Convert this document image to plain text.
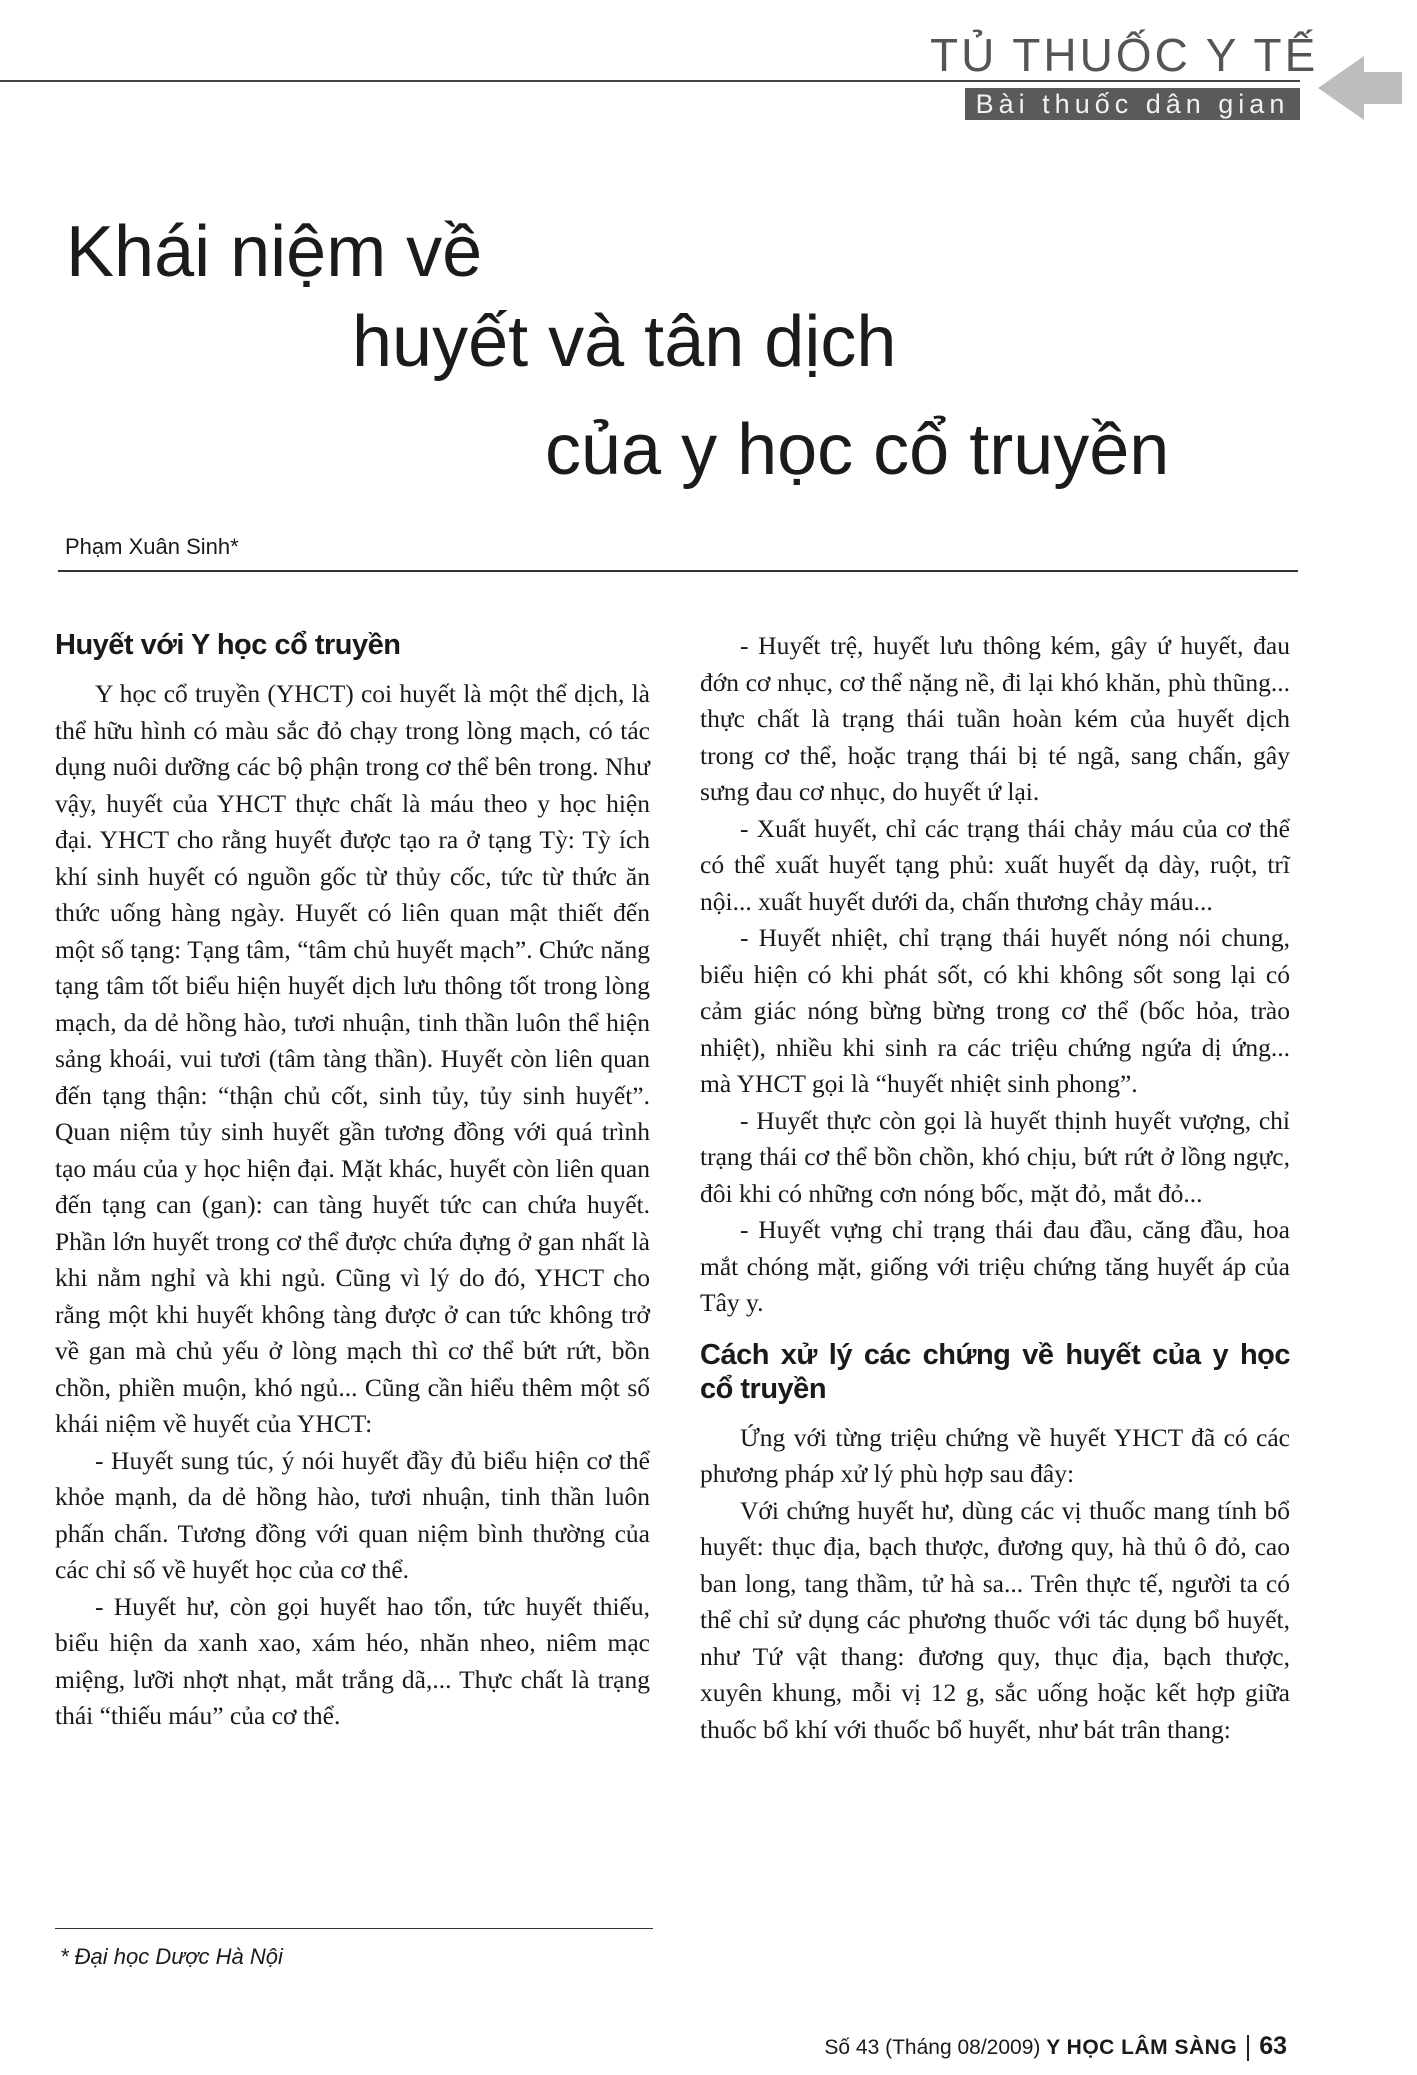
TỦ THUỐC Y TẾ
Bài thuốc dân gian
Khái niệm về
huyết và tân dịch
của y học cổ truyền
Phạm Xuân Sinh*
Huyết với Y học cổ truyền

Y học cổ truyền (YHCT) coi huyết là một thể dịch, là thể hữu hình có màu sắc đỏ chạy trong lòng mạch, có tác dụng nuôi dưỡng các bộ phận trong cơ thể bên trong. Như vậy, huyết của YHCT thực chất là máu theo y học hiện đại. YHCT cho rằng huyết được tạo ra ở tạng Tỳ: Tỳ ích khí sinh huyết có nguồn gốc từ thủy cốc, tức từ thức ăn thức uống hàng ngày. Huyết có liên quan mật thiết đến một số tạng: Tạng tâm, “tâm chủ huyết mạch”. Chức năng tạng tâm tốt biểu hiện huyết dịch lưu thông tốt trong lòng mạch, da dẻ hồng hào, tươi nhuận, tinh thần luôn thể hiện sảng khoái, vui tươi (tâm tàng thần). Huyết còn liên quan đến tạng thận: “thận chủ cốt, sinh tủy, tủy sinh huyết”. Quan niệm tủy sinh huyết gần tương đồng với quá trình tạo máu của y học hiện đại. Mặt khác, huyết còn liên quan đến tạng can (gan): can tàng huyết tức can chứa huyết. Phần lớn huyết trong cơ thể được chứa đựng ở gan nhất là khi nằm nghỉ và khi ngủ. Cũng vì lý do đó, YHCT cho rằng một khi huyết không tàng được ở can tức không trở về gan mà chủ yếu ở lòng mạch thì cơ thể bứt rứt, bồn chồn, phiền muộn, khó ngủ... Cũng cần hiểu thêm một số khái niệm về huyết của YHCT:

- Huyết sung túc, ý nói huyết đầy đủ biểu hiện cơ thể khỏe mạnh, da dẻ hồng hào, tươi nhuận, tinh thần luôn phấn chấn. Tương đồng với quan niệm bình thường của các chỉ số về huyết học của cơ thể.

- Huyết hư, còn gọi huyết hao tổn, tức huyết thiếu, biểu hiện da xanh xao, xám héo, nhăn nheo, niêm mạc miệng, lưỡi nhợt nhạt, mắt trắng dã,... Thực chất là trạng thái “thiếu máu” của cơ thể.

- Huyết trệ, huyết lưu thông kém, gây ứ huyết, đau đớn cơ nhục, cơ thể nặng nề, đi lại khó khăn, phù thũng... thực chất là trạng thái tuần hoàn kém của huyết dịch trong cơ thể, hoặc trạng thái bị té ngã, sang chấn, gây sưng đau cơ nhục, do huyết ứ lại.

- Xuất huyết, chỉ các trạng thái chảy máu của cơ thể có thể xuất huyết tạng phủ: xuất huyết dạ dày, ruột, trĩ nội... xuất huyết dưới da, chấn thương chảy máu...

- Huyết nhiệt, chỉ trạng thái huyết nóng nói chung, biểu hiện có khi phát sốt, có khi không sốt song lại có cảm giác nóng bừng bừng trong cơ thể (bốc hỏa, trào nhiệt), nhiều khi sinh ra các triệu chứng ngứa dị ứng... mà YHCT gọi là “huyết nhiệt sinh phong”.

- Huyết thực còn gọi là huyết thịnh huyết vượng, chỉ trạng thái cơ thể bồn chồn, khó chịu, bứt rứt ở lồng ngực, đôi khi có những cơn nóng bốc, mặt đỏ, mắt đỏ...

- Huyết vựng chỉ trạng thái đau đầu, căng đầu, hoa mắt chóng mặt, giống với triệu chứng tăng huyết áp của Tây y.

Cách xử lý các chứng về huyết của y học cổ truyền

Ứng với từng triệu chứng về huyết YHCT đã có các phương pháp xử lý phù hợp sau đây:

Với chứng huyết hư, dùng các vị thuốc mang tính bổ huyết: thục địa, bạch thược, đương quy, hà thủ ô đỏ, cao ban long, tang thầm, tử hà sa... Trên thực tế, người ta có thể chỉ sử dụng các phương thuốc với tác dụng bổ huyết, như Tứ vật thang: đương quy, thục địa, bạch thược, xuyên khung, mỗi vị 12 g, sắc uống hoặc kết hợp giữa thuốc bổ khí với thuốc bổ huyết, như bát trân thang:

* Đại học Dược Hà Nội
Số 43 (Tháng 08/2009) Y HỌC LÂM SÀNG 63
